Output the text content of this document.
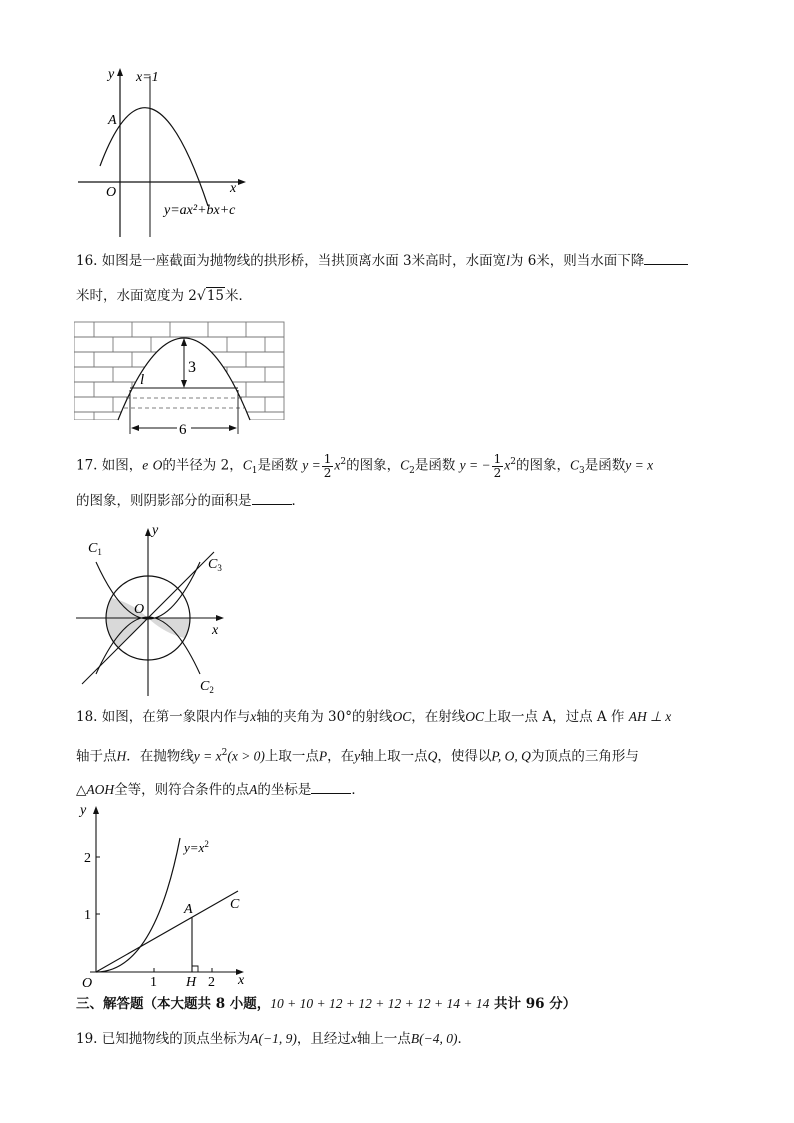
y x=1
A
O	x
y=ax²+bx+c
16. 如图是一座截面为抛物线的拱形桥，当拱顶离水面 3米高时，水面宽l为 6米，则当水面下降
米时，水面宽度为 2√15米．
6
3
l
17. 如图，e O的半径为 2，$C_1$是函数 $y = \frac{1}{2} x^2$的图象，$C_2$是函数 y = − $\frac{1}{2} x^2$的图象，$C_3$是函数y = x
的图象，则阴影部分的面积是	．
y
x
O
$C_1$
$C_3$
$C_2$
18. 如图，在第一象限内作与x轴的夹角为 30°的射线OC，在射线OC上取一点 A，过点 A 作 AH ⊥ x
轴于点H．在抛物线$y = x^2(x > 0)$上取一点P，在y轴上取一点Q，使得以P, O, Q为顶点的三角形与
△AOH全等，则符合条件的点A的坐标是	．
y
x
O
2
1
1	2
H
A	C
$y=x^2$
三、解答题（本大题共 8 小题，10 + 10 + 12 + 12 + 12 + 12 + 14 + 14 共计 96 分）
19. 已知抛物线的顶点坐标为A(−1, 9)，且经过x轴上一点B(−4, 0)．
